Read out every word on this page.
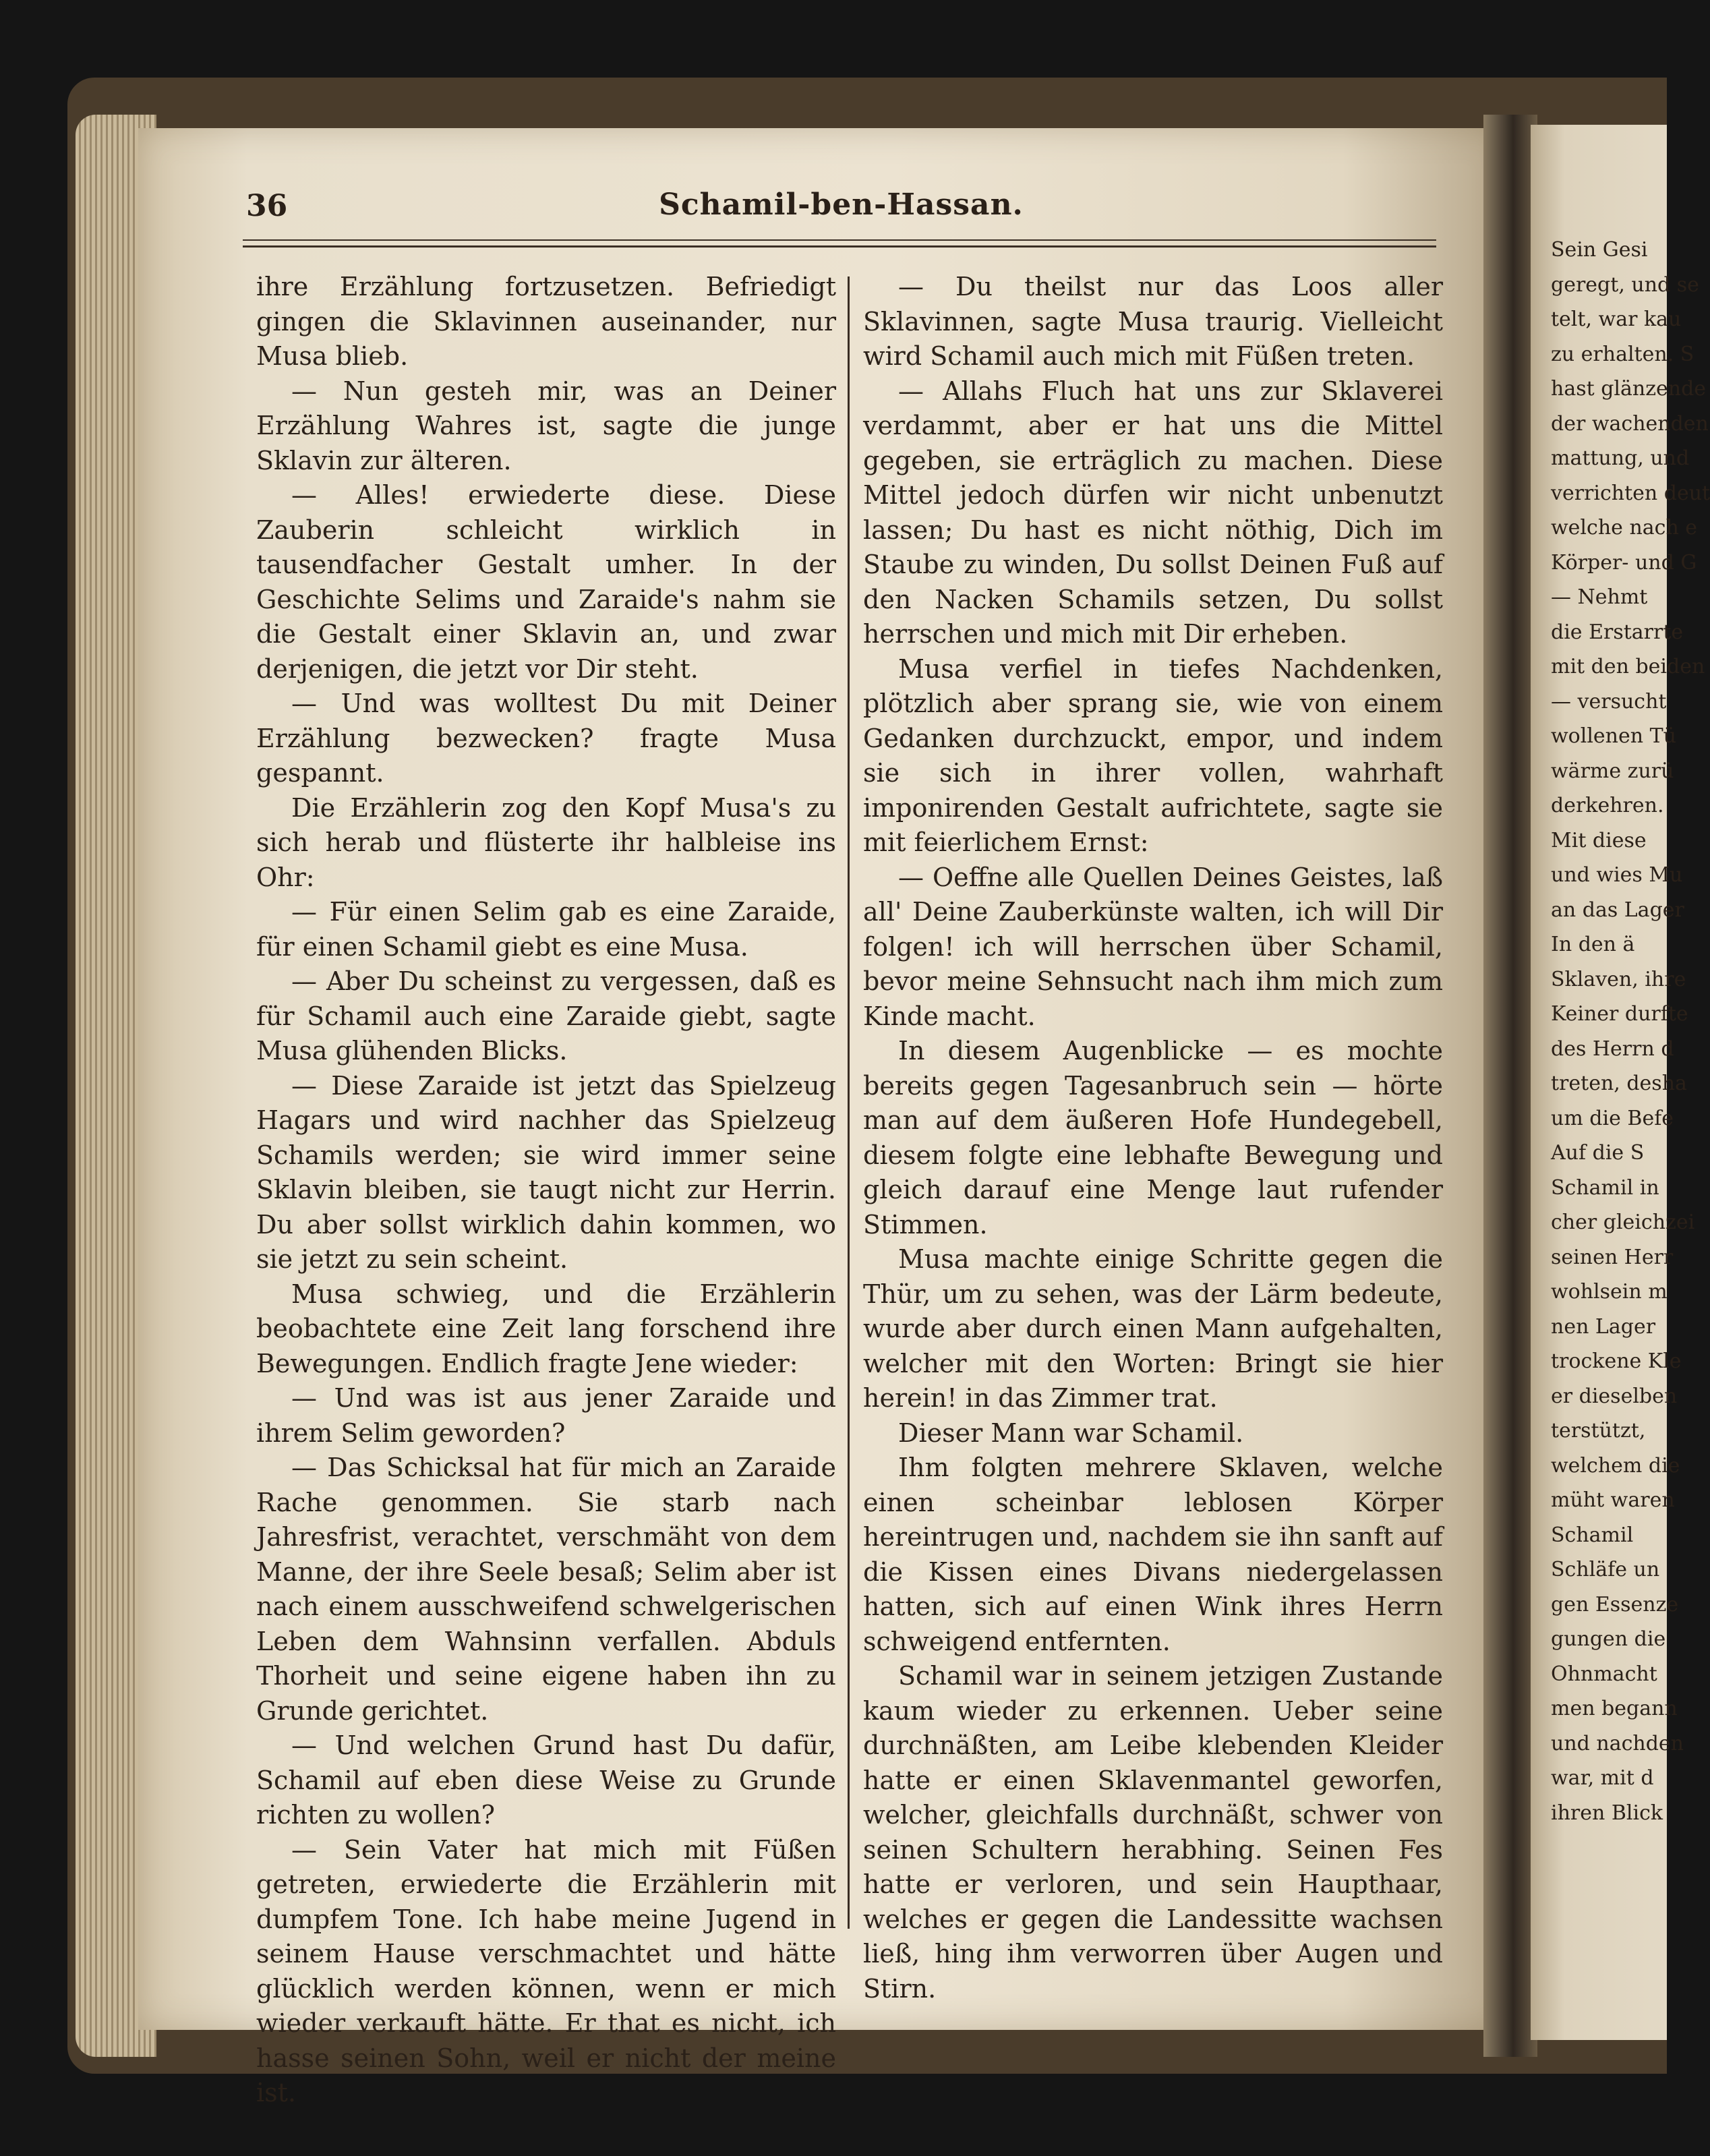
36	Schamil-ben-Hassan.

ihre Erzählung fortzusetzen. Befriedigt gingen die Sklavinnen auseinander, nur Musa blieb.

— Nun gesteh mir, was an Deiner Erzählung Wahres ist, sagte die junge Sklavin zur älteren.

— Alles! erwiederte diese. Diese Zauberin schleicht wirklich in tausendfacher Gestalt umher. In der Geschichte Selims und Zaraide's nahm sie die Gestalt einer Sklavin an, und zwar derjenigen, die jetzt vor Dir steht.

— Und was wolltest Du mit Deiner Erzählung bezwecken? fragte Musa gespannt.

Die Erzählerin zog den Kopf Musa's zu sich herab und flüsterte ihr halbleise ins Ohr:

— Für einen Selim gab es eine Zaraide, für einen Schamil giebt es eine Musa.

— Aber Du scheinst zu vergessen, daß es für Schamil auch eine Zaraide giebt, sagte Musa glühenden Blicks.

— Diese Zaraide ist jetzt das Spielzeug Hagars und wird nachher das Spielzeug Schamils werden; sie wird immer seine Sklavin bleiben, sie taugt nicht zur Herrin. Du aber sollst wirklich dahin kommen, wo sie jetzt zu sein scheint.

Musa schwieg, und die Erzählerin beobachtete eine Zeit lang forschend ihre Bewegungen. Endlich fragte Jene wieder:

— Und was ist aus jener Zaraide und ihrem Selim geworden?

— Das Schicksal hat für mich an Zaraide Rache genommen. Sie starb nach Jahresfrist, verachtet, verschmäht von dem Manne, der ihre Seele besaß; Selim aber ist nach einem ausschweifend schwelgerischen Leben dem Wahnsinn verfallen. Abduls Thorheit und seine eigene haben ihn zu Grunde gerichtet.

— Und welchen Grund hast Du dafür, Schamil auf eben diese Weise zu Grunde richten zu wollen?

— Sein Vater hat mich mit Füßen getreten, erwiederte die Erzählerin mit dumpfem Tone. Ich habe meine Jugend in seinem Hause verschmachtet und hätte glücklich werden können, wenn er mich wieder verkauft hätte. Er that es nicht, ich hasse seinen Sohn, weil er nicht der meine ist.

— Du theilst nur das Loos aller Sklavinnen, sagte Musa traurig. Vielleicht wird Schamil auch mich mit Füßen treten.

— Allahs Fluch hat uns zur Sklaverei verdammt, aber er hat uns die Mittel gegeben, sie erträglich zu machen. Diese Mittel jedoch dürfen wir nicht unbenutzt lassen; Du hast es nicht nöthig, Dich im Staube zu winden, Du sollst Deinen Fuß auf den Nacken Schamils setzen, Du sollst herrschen und mich mit Dir erheben.

Musa verfiel in tiefes Nachdenken, plötzlich aber sprang sie, wie von einem Gedanken durchzuckt, empor, und indem sie sich in ihrer vollen, wahrhaft imponirenden Gestalt aufrichtete, sagte sie mit feierlichem Ernst:

— Oeffne alle Quellen Deines Geistes, laß all' Deine Zauberkünste walten, ich will Dir folgen! ich will herrschen über Schamil, bevor meine Sehnsucht nach ihm mich zum Kinde macht.

In diesem Augenblicke — es mochte bereits gegen Tagesanbruch sein — hörte man auf dem äußeren Hofe Hundegebell, diesem folgte eine lebhafte Bewegung und gleich darauf eine Menge laut rufender Stimmen.

Musa machte einige Schritte gegen die Thür, um zu sehen, was der Lärm bedeute, wurde aber durch einen Mann aufgehalten, welcher mit den Worten: Bringt sie hier herein! in das Zimmer trat.

Dieser Mann war Schamil.

Ihm folgten mehrere Sklaven, welche einen scheinbar leblosen Körper hereintrugen und, nachdem sie ihn sanft auf die Kissen eines Divans niedergelassen hatten, sich auf einen Wink ihres Herrn schweigend entfernten.

Schamil war in seinem jetzigen Zustande kaum wieder zu erkennen. Ueber seine durchnäßten, am Leibe klebenden Kleider hatte er einen Sklavenmantel geworfen, welcher, gleichfalls durchnäßt, schwer von seinen Schultern herabhing. Seinen Fes hatte er verloren, und sein Haupthaar, welches er gegen die Landessitte wachsen ließ, hing ihm verworren über Augen und Stirn.

Sein Gesi
geregt, und se
telt, war kau
zu erhalten. S
hast glänzende
der wachenden
mattung, und
verrichten deut
welche nach e
Körper- und G
— Nehmt
die Erstarrte
mit den beiden
— versucht
wollenen Tü
wärme zurü
derkehren.
Mit diese
und wies Mu
an das Lager
In den ä
Sklaven, ihre
Keiner durfte
des Herrn d
treten, desha
um die Befe
Auf die S
Schamil in
cher gleichzei
seinen Herr
wohlsein m
nen Lager
trockene Kle
er dieselben
terstützt,
welchem die
müht waren
Schamil
Schläfe un
gen Essenze
gungen die
Ohnmacht
men begann
und nachden
war, mit d
ihren Blick
